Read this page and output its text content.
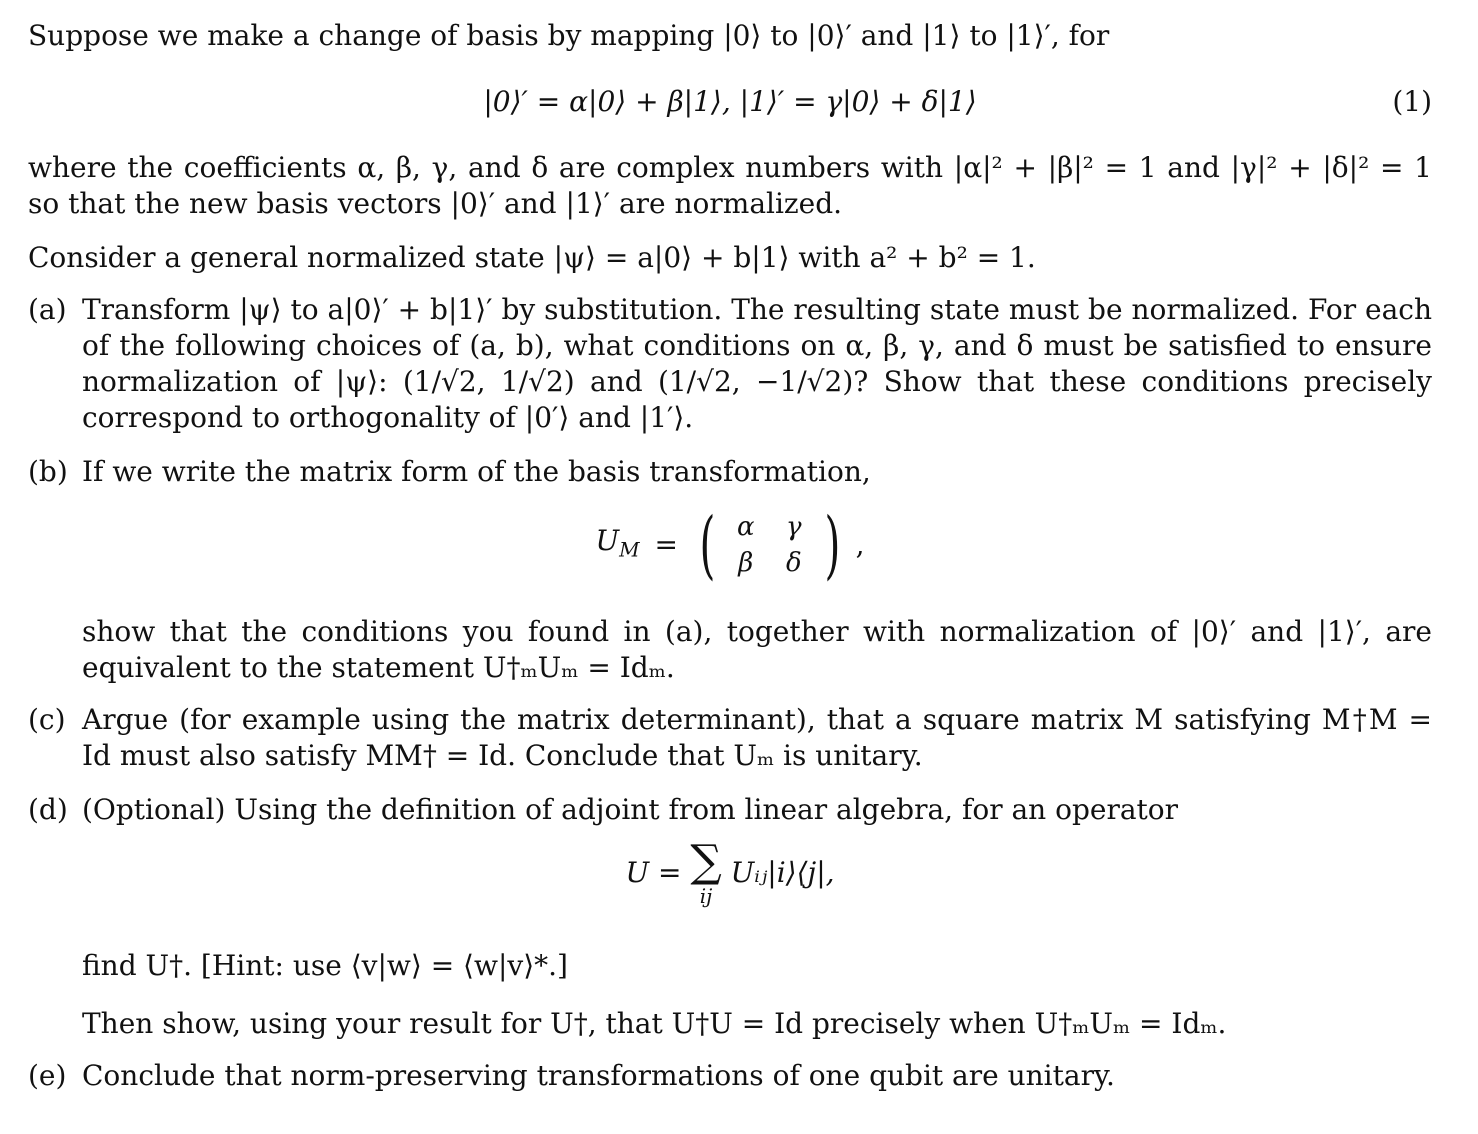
Suppose we make a change of basis by mapping |0⟩ to |0⟩′ and |1⟩ to |1⟩′, for

|0⟩′ = α|0⟩ + β|1⟩, |1⟩′ = γ|0⟩ + δ|1⟩	(1)

where the coefficients α, β, γ, and δ are complex numbers with |α|² + |β|² = 1 and |γ|² + |δ|² = 1 so that the new basis vectors |0⟩′ and |1⟩′ are normalized.

Consider a general normalized state |ψ⟩ = a|0⟩ + b|1⟩ with a² + b² = 1.

(a) Transform |ψ⟩ to a|0⟩′ + b|1⟩′ by substitution. The resulting state must be normalized. For each of the following choices of (a, b), what conditions on α, β, γ, and δ must be satisfied to ensure normalization of |ψ⟩: (1/√2, 1/√2) and (1/√2, −1/√2)? Show that these conditions precisely correspond to orthogonality of |0′⟩ and |1′⟩.
(b) If we write the matrix form of the basis transformation,
$U_M$ = ( α	γ
β	δ ) ,
show that the conditions you found in (a), together with normalization of |0⟩′ and |1⟩′, are equivalent to the statement U†ₘUₘ = Idₘ.
(c) Argue (for example using the matrix determinant), that a square matrix M satisfying M†M = Id must also satisfy MM† = Id. Conclude that Uₘ is unitary.
(d) (Optional) Using the definition of adjoint from linear algebra, for an operator
U = ∑
ij
Uᵢⱼ|i⟩⟨j|,
find U†. [Hint: use ⟨v|w⟩ = ⟨w|v⟩*.]
Then show, using your result for U†, that U†U = Id precisely when U†ₘUₘ = Idₘ.
(e) Conclude that norm-preserving transformations of one qubit are unitary.
